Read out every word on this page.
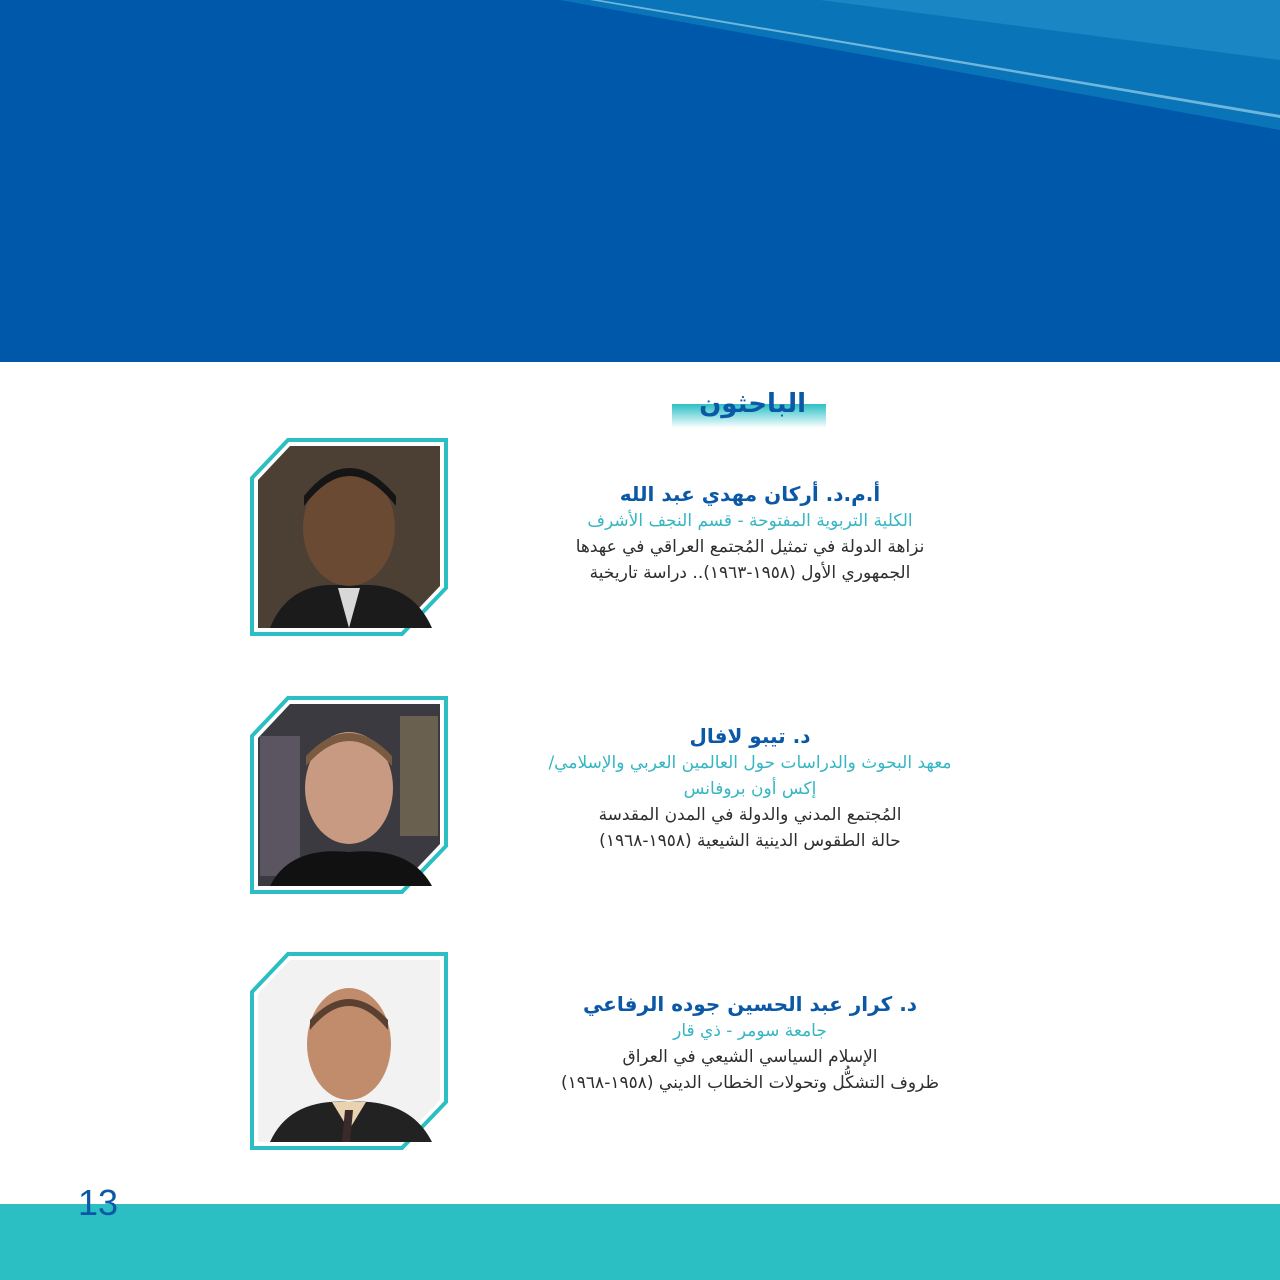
الباحثون
أ.م.د. أركان مهدي عبد الله
الكلية التربوية المفتوحة - قسم النجف الأشرف
نزاهة الدولة في تمثيل المُجتمع العراقي في عهدها
الجمهوري الأول (١٩٥٨-١٩٦٣).. دراسة تاريخية
د. تيبو لافال
معهد البحوث والدراسات حول العالمين العربي والإسلامي/
إكس أون بروفانس
المُجتمع المدني والدولة في المدن المقدسة
حالة الطقوس الدينية الشيعية (١٩٥٨-١٩٦٨)
د. كرار عبد الحسين جوده الرفاعي
جامعة سومر - ذي قار
الإسلام السياسي الشيعي في العراق
ظروف التشكُّل وتحولات الخطاب الديني (١٩٥٨-١٩٦٨)
13
